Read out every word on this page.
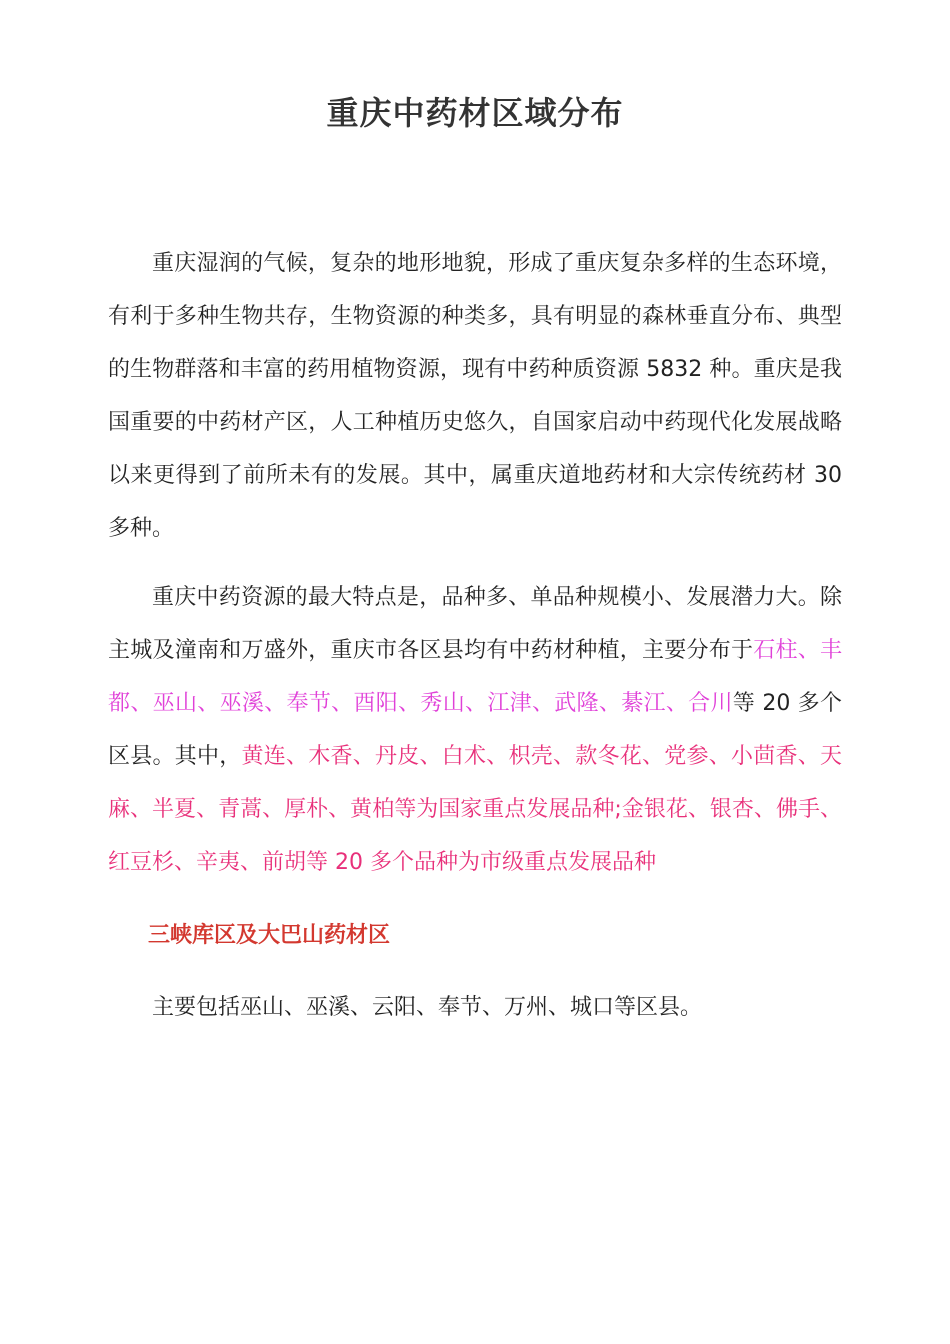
重庆中药材区域分布

重庆湿润的气候，复杂的地形地貌，形成了重庆复杂多样的生态环境，有利于多种生物共存，生物资源的种类多，具有明显的森林垂直分布、典型的生物群落和丰富的药用植物资源，现有中药种质资源 5832 种。重庆是我国重要的中药材产区，人工种植历史悠久，自国家启动中药现代化发展战略以来更得到了前所未有的发展。其中，属重庆道地药材和大宗传统药材 30 多种。

重庆中药资源的最大特点是，品种多、单品种规模小、发展潜力大。除主城及潼南和万盛外，重庆市各区县均有中药材种植，主要分布于石柱、丰都、巫山、巫溪、奉节、酉阳、秀山、江津、武隆、綦江、合川等 20 多个区县。其中，黄连、木香、丹皮、白术、枳壳、款冬花、党参、小茴香、天麻、半夏、青蒿、厚朴、黄柏等为国家重点发展品种;金银花、银杏、佛手、红豆杉、辛夷、前胡等 20 多个品种为市级重点发展品种

三峡库区及大巴山药材区

主要包括巫山、巫溪、云阳、奉节、万州、城口等区县。
